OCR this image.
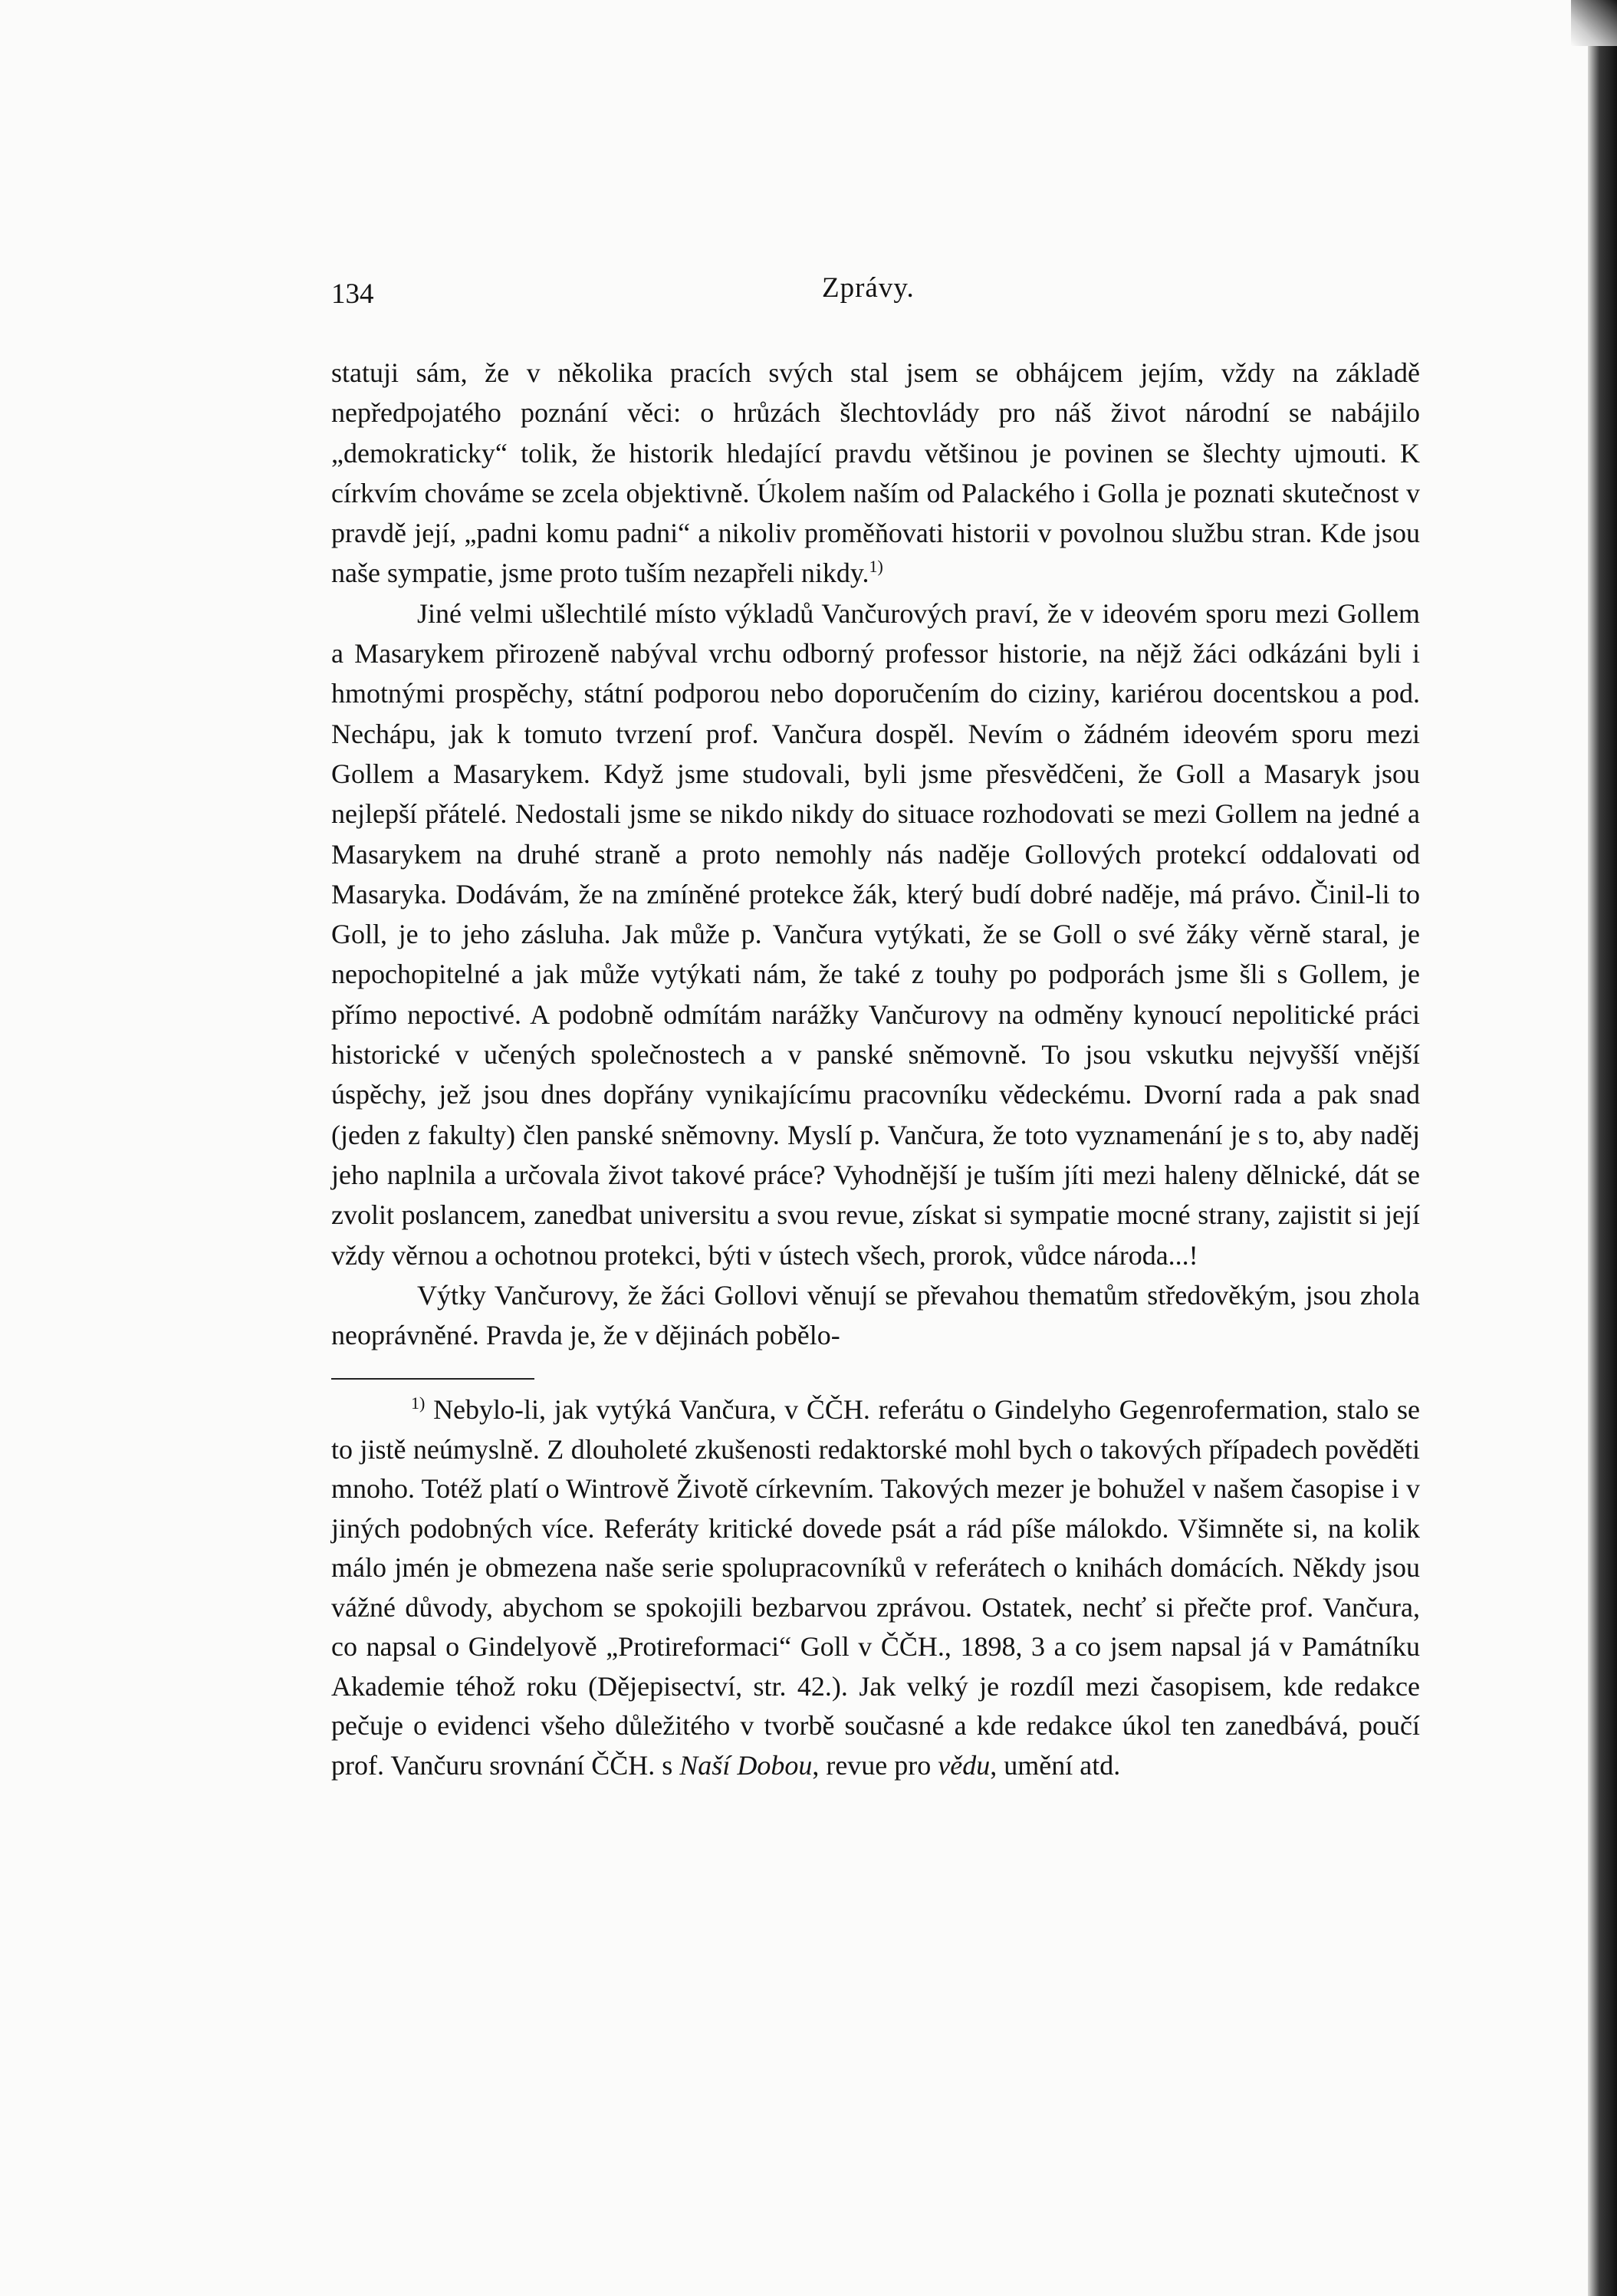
134	Zprávy.

statuji sám, že v několika pracích svých stal jsem se obhájcem jejím, vždy na základě nepředpojatého poznání věci: o hrůzách šlechtovlády pro náš život národní se nabájilo „demokraticky“ tolik, že historik hledající pravdu většinou je povinen se šlechty ujmouti. K církvím chováme se zcela objektivně. Úkolem naším od Palackého i Golla je poznati skutečnost v pravdě její, „padni komu padni“ a nikoliv proměňovati historii v povolnou službu stran. Kde jsou naše sympatie, jsme proto tuším nezapřeli nikdy.$^{1)}$

Jiné velmi ušlechtilé místo výkladů Vančurových praví, že v ideovém sporu mezi Gollem a Masarykem přirozeně nabýval vrchu odborný professor historie, na nějž žáci odkázáni byli i hmotnými prospěchy, státní podporou nebo doporučením do ciziny, kariérou docentskou a pod. Nechápu, jak k tomuto tvrzení prof. Vančura dospěl. Nevím o žádném ideovém sporu mezi Gollem a Masarykem. Když jsme studovali, byli jsme přesvědčeni, že Goll a Masaryk jsou nejlepší přátelé. Nedostali jsme se nikdo nikdy do situace rozhodovati se mezi Gollem na jedné a Masarykem na druhé straně a proto nemohly nás naděje Gollových protekcí oddalovati od Masaryka. Dodávám, že na zmíněné protekce žák, který budí dobré naděje, má právo. Činil-li to Goll, je to jeho zásluha. Jak může p. Vančura vytýkati, že se Goll o své žáky věrně staral, je nepochopitelné a jak může vytýkati nám, že také z touhy po podporách jsme šli s Gollem, je přímo nepoctivé. A podobně odmítám narážky Vančurovy na odměny kynoucí nepolitické práci historické v učených společnostech a v panské sněmovně. To jsou vskutku nejvyšší vnější úspěchy, jež jsou dnes dopřány vynikajícímu pracovníku vědeckému. Dvorní rada a pak snad (jeden z fakulty) člen panské sněmovny. Myslí p. Vančura, že toto vyznamenání je s to, aby naděj jeho naplnila a určovala život takové práce? Vyhodnější je tuším jíti mezi haleny dělnické, dát se zvolit poslancem, zanedbat universitu a svou revue, získat si sympatie mocné strany, zajistit si její vždy věrnou a ochotnou protekci, býti v ústech všech, prorok, vůdce národa...!

Výtky Vančurovy, že žáci Gollovi věnují se převahou thematům středověkým, jsou zhola neoprávněné. Pravda je, že v dějinách pobělo-

$^{1)}$ Nebylo-li, jak vytýká Vančura, v ČČH. referátu o Gindelyho Gegenrofermation, stalo se to jistě neúmyslně. Z dlouholeté zkušenosti redaktorské mohl bych o takových případech pověděti mnoho. Totéž platí o Wintrově Životě církevním. Takových mezer je bohužel v našem časopise i v jiných podobných více. Referáty kritické dovede psát a rád píše málokdo. Všimněte si, na kolik málo jmén je obmezena naše serie spolupracovníků v referátech o knihách domácích. Někdy jsou vážné důvody, abychom se spokojili bezbarvou zprávou. Ostatek, nechť si přečte prof. Vančura, co napsal o Gindelyově „Protireformaci“ Goll v ČČH., 1898, 3 a co jsem napsal já v Památníku Akademie téhož roku (Dějepisectví, str. 42.). Jak velký je rozdíl mezi časopisem, kde redakce pečuje o evidenci všeho důležitého v tvorbě současné a kde redakce úkol ten zanedbává, poučí prof. Vančuru srovnání ČČH. s Naší Dobou, revue pro vědu, umění atd.
